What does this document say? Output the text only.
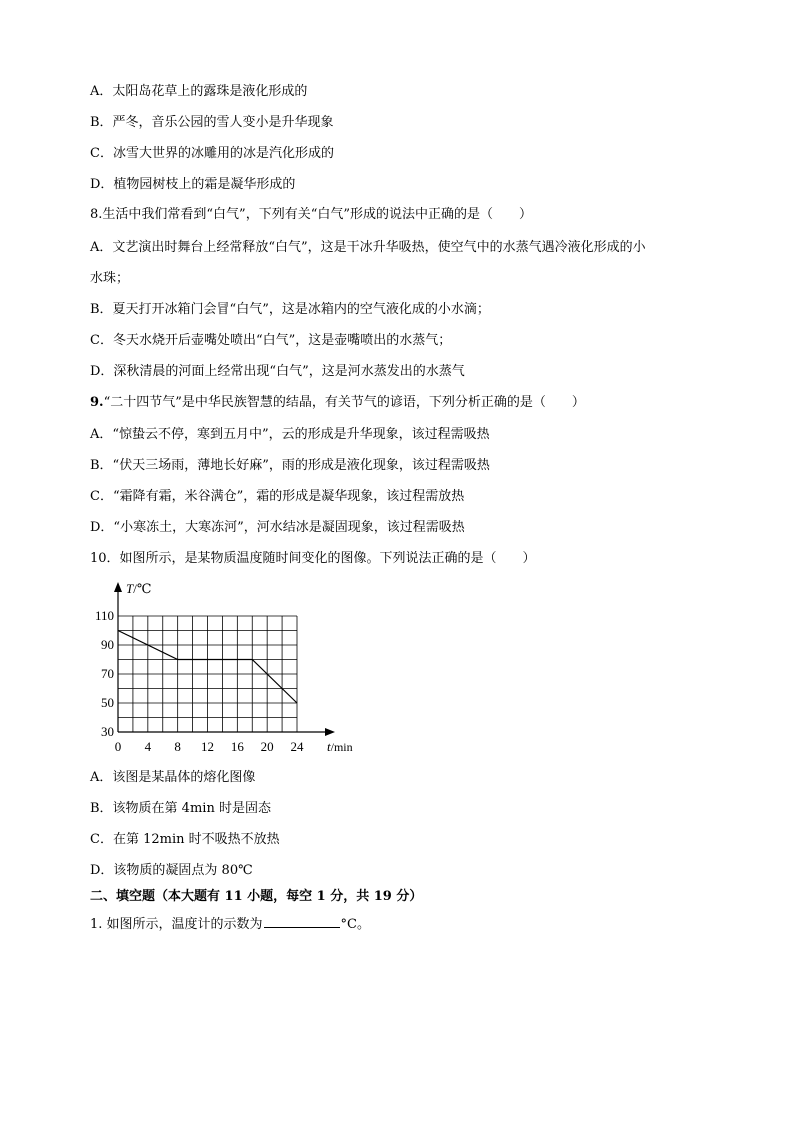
A．太阳岛花草上的露珠是液化形成的
B．严冬，音乐公园的雪人变小是升华现象
C．冰雪大世界的冰雕用的冰是汽化形成的
D．植物园树枝上的霜是凝华形成的
8.生活中我们常看到“白气”，下列有关“白气”形成的说法中正确的是（　　）
A．文艺演出时舞台上经常释放“白气”，这是干冰升华吸热，使空气中的水蒸气遇冷液化形成的小
水珠；
B．夏天打开冰箱门会冒“白气”，这是冰箱内的空气液化成的小水滴；
C．冬天水烧开后壶嘴处喷出“白气”，这是壶嘴喷出的水蒸气；
D．深秋清晨的河面上经常出现“白气”，这是河水蒸发出的水蒸气
9.“二十四节气”是中华民族智慧的结晶，有关节气的谚语，下列分析正确的是（　　）
A．“惊蛰云不停，寒到五月中”，云的形成是升华现象，该过程需吸热
B．“伏天三场雨，薄地长好麻”，雨的形成是液化现象，该过程需吸热
C．“霜降有霜，米谷满仓”，霜的形成是凝华现象，该过程需放热
D．“小寒冻土，大寒冻河”，河水结冰是凝固现象，该过程需吸热
10．如图所示，是某物质温度随时间变化的图像。下列说法正确的是（　　）
0 4 8 12 16 20 24
30
50
70
90
110
T/℃
t/min
A．该图是某晶体的熔化图像
B．该物质在第 4min 时是固态
C．在第 12min 时不吸热不放热
D．该物质的凝固点为 80℃
二、填空题（本大题有 11 小题，每空 1 分，共 19 分）
1. 如图所示，温度计的示数为	°C。
